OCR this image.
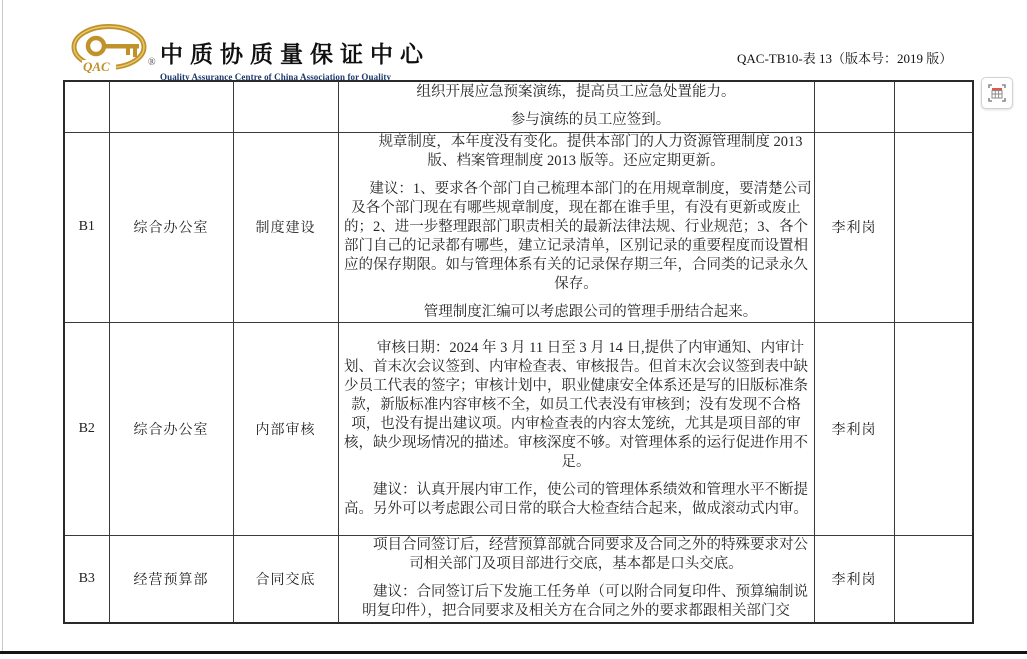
QAC	® 中质协质量保证中心
Quality Assurance Centre of China Association for Quality
QAC-TB10-表 13（版本号：2019 版）

			组织开展应急预案演练，提高员工应急处置能力。

参与演练的员工应签到。		

B1	综合办公室	制度建设	规章制度，本年度没有变化。提供本部门的人力资源管理制度 2013 版、档案管理制度 2013 版等。还应定期更新。

建议：1、要求各个部门自己梳理本部门的在用规章制度，要清楚公司及各个部门现在有哪些规章制度，现在都在谁手里，有没有更新或废止的；2、进一步整理跟部门职责相关的最新法律法规、行业规范；3、各个部门自己的记录都有哪些，建立记录清单，区别记录的重要程度而设置相应的保存期限。如与管理体系有关的记录保存期三年，合同类的记录永久保存。

管理制度汇编可以考虑跟公司的管理手册结合起来。	李利岗	
B2	综合办公室	内部审核	审核日期：2024 年 3 月 11 日至 3 月 14 日,提供了内审通知、内审计划、首末次会议签到、内审检查表、审核报告。但首末次会议签到表中缺少员工代表的签字；审核计划中，职业健康安全体系还是写的旧版标准条款，新版标准内容审核不全，如员工代表没有审核到；没有发现不合格项，也没有提出建议项。内审检查表的内容太笼统，尤其是项目部的审核，缺少现场情况的描述。审核深度不够。对管理体系的运行促进作用不足。

建议：认真开展内审工作，使公司的管理体系绩效和管理水平不断提高。另外可以考虑跟公司日常的联合大检查结合起来，做成滚动式内审。	李利岗	
B3	经营预算部	合同交底	项目合同签订后，经营预算部就合同要求及合同之外的特殊要求对公司相关部门及项目部进行交底，基本都是口头交底。

建议：合同签订后下发施工任务单（可以附合同复印件、预算编制说明复印件），把合同要求及相关方在合同之外的要求都跟相关部门交	李利岗	
